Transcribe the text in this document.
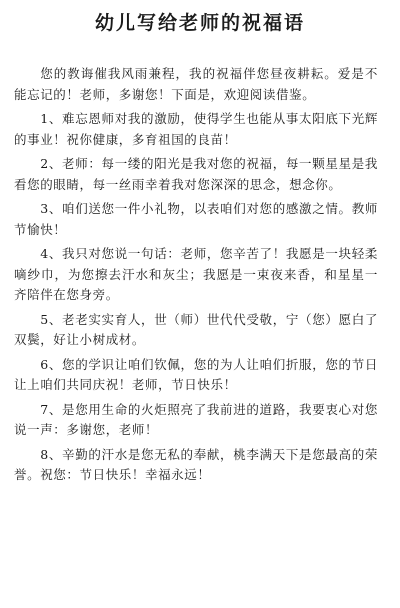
幼儿写给老师的祝福语

您的教诲催我风雨兼程，我的祝福伴您昼夜耕耘。爱是不能忘记的！老师，多谢您！下面是，欢迎阅读借鉴。

1、难忘恩师对我的激励，使得学生也能从事太阳底下光辉的事业！祝你健康，多育祖国的良苗！

2、老师：每一缕的阳光是我对您的祝福，每一颗星星是我看您的眼睛，每一丝雨幸着我对您深深的思念，想念你。

3、咱们送您一件小礼物，以表咱们对您的感激之情。教师节愉快！

4、我只对您说一句话：老师，您辛苦了！我愿是一块轻柔嘀纱巾，为您擦去汗水和灰尘；我愿是一束夜来香，和星星一齐陪伴在您身旁。

5、老老实实育人，世（师）世代代受敬，宁（您）愿白了双鬓，好让小树成材。

6、您的学识让咱们钦佩，您的为人让咱们折服，您的节日让上咱们共同庆祝！老师，节日快乐！

7、是您用生命的火炬照亮了我前进的道路，我要衷心对您说一声：多谢您，老师！

8、辛勤的汗水是您无私的奉献，桃李满天下是您最高的荣誉。祝您：节日快乐！幸福永远！
